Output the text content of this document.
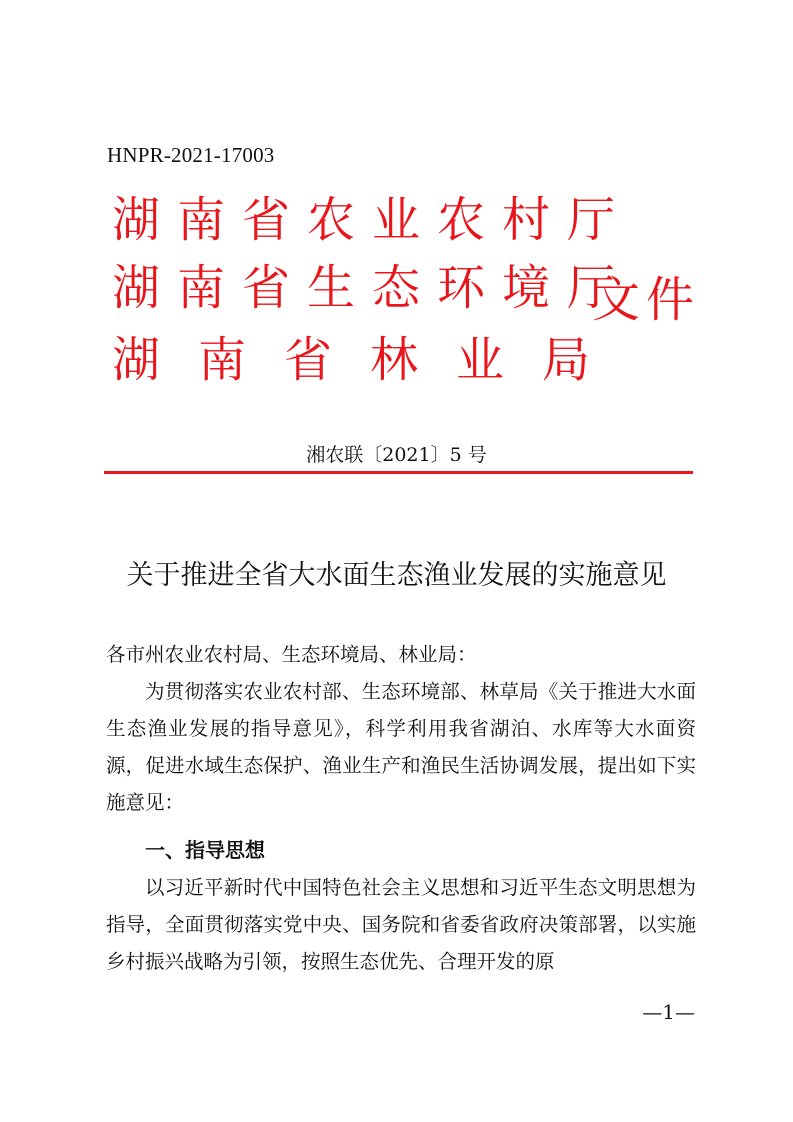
HNPR-2021-17003
湖南省农业农村厅
湖南省生态环境厅
湖南省林业局
文件
湘农联〔2021〕5 号
关于推进全省大水面生态渔业发展的实施意见
各市州农业农村局、生态环境局、林业局：
为贯彻落实农业农村部、生态环境部、林草局《关于推进大水面生态渔业发展的指导意见》，科学利用我省湖泊、水库等大水面资源，促进水域生态保护、渔业生产和渔民生活协调发展，提出如下实施意见：
一、指导思想
以习近平新时代中国特色社会主义思想和习近平生态文明思想为指导，全面贯彻落实党中央、国务院和省委省政府决策部署，以实施乡村振兴战略为引领，按照生态优先、合理开发的原
—1—
